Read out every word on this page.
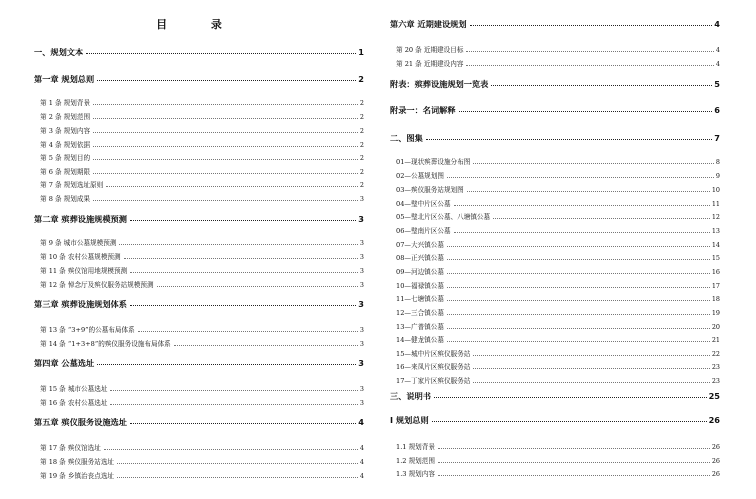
目 录
一、规划文本	1
第一章 规划总则	2
第 1 条 规划背景	2
第 2 条 规划范围	2
第 3 条 规划内容	2
第 4 条 规划依据	2
第 5 条 规划目的	2
第 6 条 规划期限	2
第 7 条 规划选址原则	2
第 8 条 规划成果	3
第二章 殡葬设施规模预测	3
第 9 条 城市公墓规模预测	3
第 10 条 农村公墓规模预测	3
第 11 条 殡仪馆用地规模预测	3
第 12 条 悼念厅及殡仪服务站规模预测	3
第三章 殡葬设施规划体系	3
第 13 条 “3+9”的公墓布局体系	3
第 14 条 “1+3+8”的殡仪服务设施布局体系	3
第四章 公墓选址	3
第 15 条 城市公墓选址	3
第 16 条 农村公墓选址	3
第五章 殡仪服务设施选址	4
第 17 条 殡仪馆选址	4
第 18 条 殡仪服务站选址	4
第 19 条 乡镇治丧点选址	4
第六章 近期建设规划	4
第 20 条 近期建设目标	4
第 21 条 近期建设内容	4
附表：殡葬设施规划一览表	5
附录一：名词解释	6
二、图集	7
01—现状殡葬设施分布图	8
02—公墓规划图	9
03—殡仪服务站规划图	10
04—璧中片区公墓	11
05—璧北片区公墓、八塘镇公墓	12
06—璧南片区公墓	13
07—大兴镇公墓	14
08—正兴镇公墓	15
09—河边镇公墓	16
10—福禄镇公墓	17
11—七塘镇公墓	18
12—三合镇公墓	19
13—广普镇公墓	20
14—健龙镇公墓	21
15—城中片区殡仪服务站	22
16—来凤片区殡仪服务站	23
17—丁家片区殡仪服务站	23
三、说明书	25
I 规划总则	26
1.1 规划背景	26
1.2 规划范围	26
1.3 规划内容	26
